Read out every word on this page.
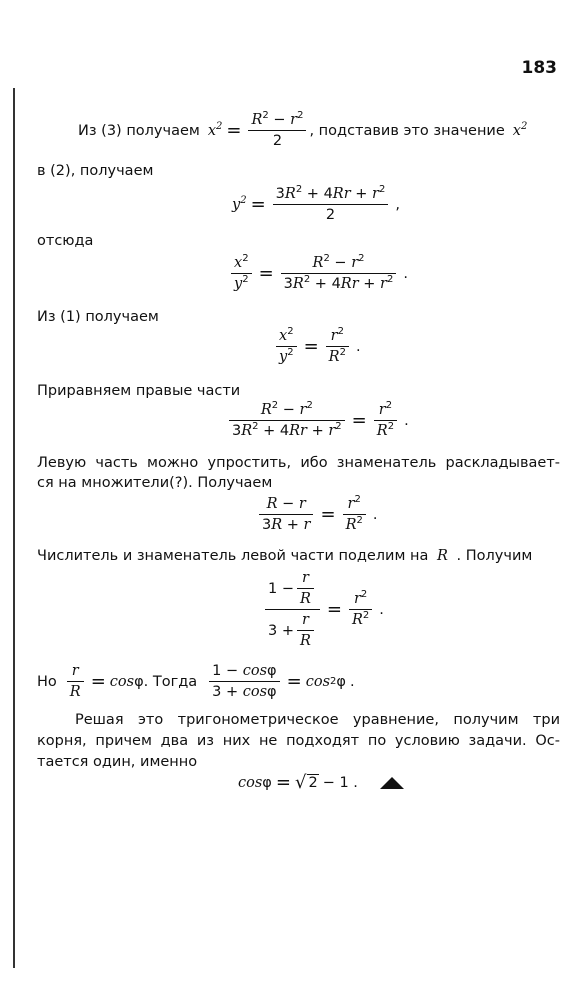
183
Из (3) получаем $x^2 = \frac{R^2 - r^2}{2}$ , подставив это значение $x^2$
в (2), получаем
$y^2 = \frac{3R^2 + 4Rr + r^2}{2}$ ,
отсюда
$\frac{x^2}{y^2} = \frac{R^2 - r^2}{3R^2 + 4Rr + r^2}$ .
Из (1) получаем
$\frac{x^2}{y^2} = \frac{r^2}{R^2}$ .
Приравняем правые части
$\frac{R^2 - r^2}{3R^2 + 4Rr + r^2} = \frac{r^2}{R^2}$ .
Левую часть можно упростить, ибо знаменатель раскладывает-
ся на множители(?). Получаем
$\frac{R - r}{3R + r} = \frac{r^2}{R^2}$ .
Числитель и знаменатель левой части поделим на R . Получим
$\frac{1 - \frac{r}{R}}{3 + \frac{r}{R}} = \frac{r^2}{R^2}$ .
Но $\frac{r}{R} = \cos \varphi$ . Тогда $\frac{1 - \cos\varphi}{3 + \cos\varphi} = \cos 2$ φ .
Решая это тригонометрическое уравнение, получим три
корня, причем два из них не подходят по условию задачи. Ос-
тается один, именно
cos φ = √ 2 − 1 .
